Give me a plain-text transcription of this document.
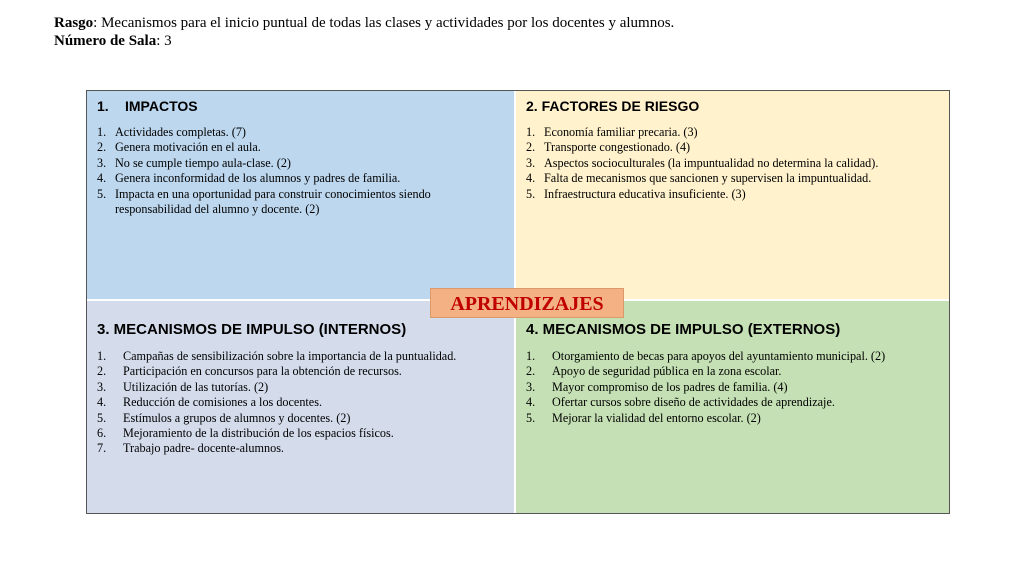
Rasgo: Mecanismos para el inicio puntual de todas las clases y actividades por los docentes y alumnos.
Número de Sala: 3
1. IMPACTOS
1. Actividades completas. (7)
2. Genera motivación en el aula.
3. No se cumple tiempo aula-clase. (2)
4. Genera inconformidad de los alumnos y padres de familia.
5. Impacta en una oportunidad para construir conocimientos siendo responsabilidad del alumno y docente. (2)
2. FACTORES DE RIESGO
1. Economía familiar precaria. (3)
2. Transporte congestionado. (4)
3. Aspectos socioculturales (la impuntualidad no determina la calidad).
4. Falta de mecanismos que sancionen y supervisen la impuntualidad.
5. Infraestructura educativa insuficiente. (3)
3. MECANISMOS DE IMPULSO (INTERNOS)
1.	Campañas de sensibilización sobre la importancia de la puntualidad.
2.	Participación en concursos para la obtención de recursos.
3.	Utilización de las tutorías. (2)
4.	Reducción de comisiones a los docentes.
5.	Estímulos a grupos de alumnos y docentes. (2)
6.	Mejoramiento de la distribución de los espacios físicos.
7.	Trabajo padre- docente-alumnos.
4. MECANISMOS DE IMPULSO (EXTERNOS)
1.	Otorgamiento de becas para apoyos del ayuntamiento municipal. (2)
2.	Apoyo de seguridad pública en la zona escolar.
3.	Mayor compromiso de los padres de familia. (4)
4.	Ofertar cursos sobre diseño de actividades de aprendizaje.
5.	Mejorar la vialidad del entorno escolar. (2)
APRENDIZAJES
